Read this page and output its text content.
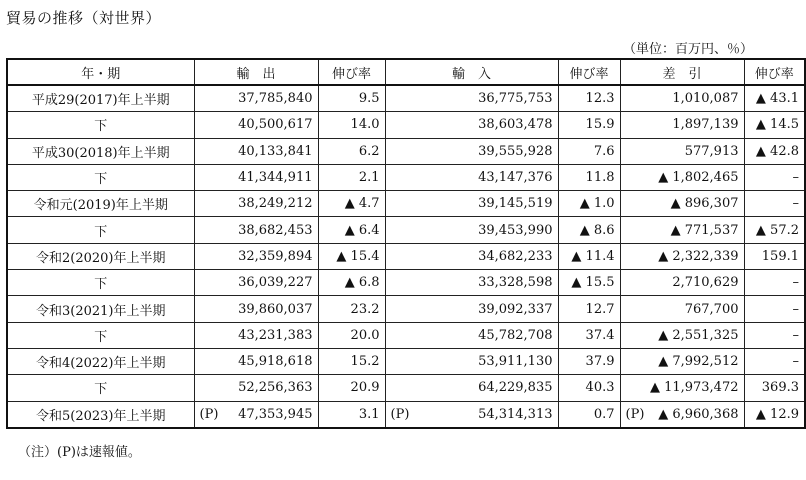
貿易の推移（対世界）
（単位：百万円、％）
年・期	輸　出	伸び率	輸　入	伸び率	差　引	伸び率
平成29(2017)年上半期	37,785,840	9.5	36,775,753	12.3	1,010,087	▲ 43.1
下	40,500,617	14.0	38,603,478	15.9	1,897,139	▲ 14.5
平成30(2018)年上半期	40,133,841	6.2	39,555,928	7.6	577,913	▲ 42.8
下	41,344,911	2.1	43,147,376	11.8	▲ 1,802,465	–
令和元(2019)年上半期	38,249,212	▲ 4.7	39,145,519	▲ 1.0	▲ 896,307	–
下	38,682,453	▲ 6.4	39,453,990	▲ 8.6	▲ 771,537	▲ 57.2
令和2(2020)年上半期	32,359,894	▲ 15.4	34,682,233	▲ 11.4	▲ 2,322,339	159.1
下	36,039,227	▲ 6.8	33,328,598	▲ 15.5	2,710,629	–
令和3(2021)年上半期	39,860,037	23.2	39,092,337	12.7	767,700	–
下	43,231,383	20.0	45,782,708	37.4	▲ 2,551,325	–
令和4(2022)年上半期	45,918,618	15.2	53,911,130	37.9	▲ 7,992,512	–
下	52,256,363	20.9	64,229,835	40.3	▲ 11,973,472	369.3
令和5(2023)年上半期	(P) 47,353,945	3.1	(P) 54,314,313	0.7	(P) ▲ 6,960,368	▲ 12.9
（注）(P)は速報値。
